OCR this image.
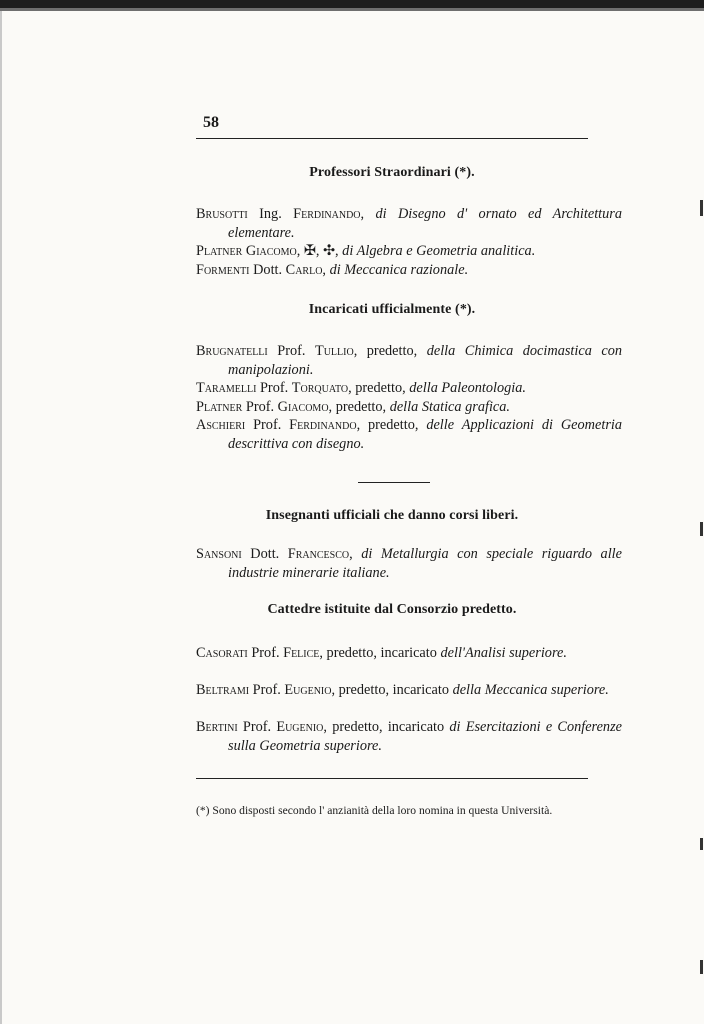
58
Professori Straordinari (*).
Brusotti Ing. Ferdinando, di Disegno d' ornato ed Architettura elementare.
Platner Giacomo, ✠, ✣, di Algebra e Geometria analitica.
Formenti Dott. Carlo, di Meccanica razionale.
Incaricati ufficialmente (*).
Brugnatelli Prof. Tullio, predetto, della Chimica docimastica con manipolazioni.
Taramelli Prof. Torquato, predetto, della Paleontologia.
Platner Prof. Giacomo, predetto, della Statica grafica.
Aschieri Prof. Ferdinando, predetto, delle Applicazioni di Geometria descrittiva con disegno.
Insegnanti ufficiali che danno corsi liberi.
Sansoni Dott. Francesco, di Metallurgia con speciale riguardo alle industrie minerarie italiane.
Cattedre istituite dal Consorzio predetto.
Casorati Prof. Felice, predetto, incaricato dell'Analisi superiore.
Beltrami Prof. Eugenio, predetto, incaricato della Meccanica superiore.
Bertini Prof. Eugenio, predetto, incaricato di Esercitazioni e Conferenze sulla Geometria superiore.
(*) Sono disposti secondo l' anzianità della loro nomina in questa Università.
